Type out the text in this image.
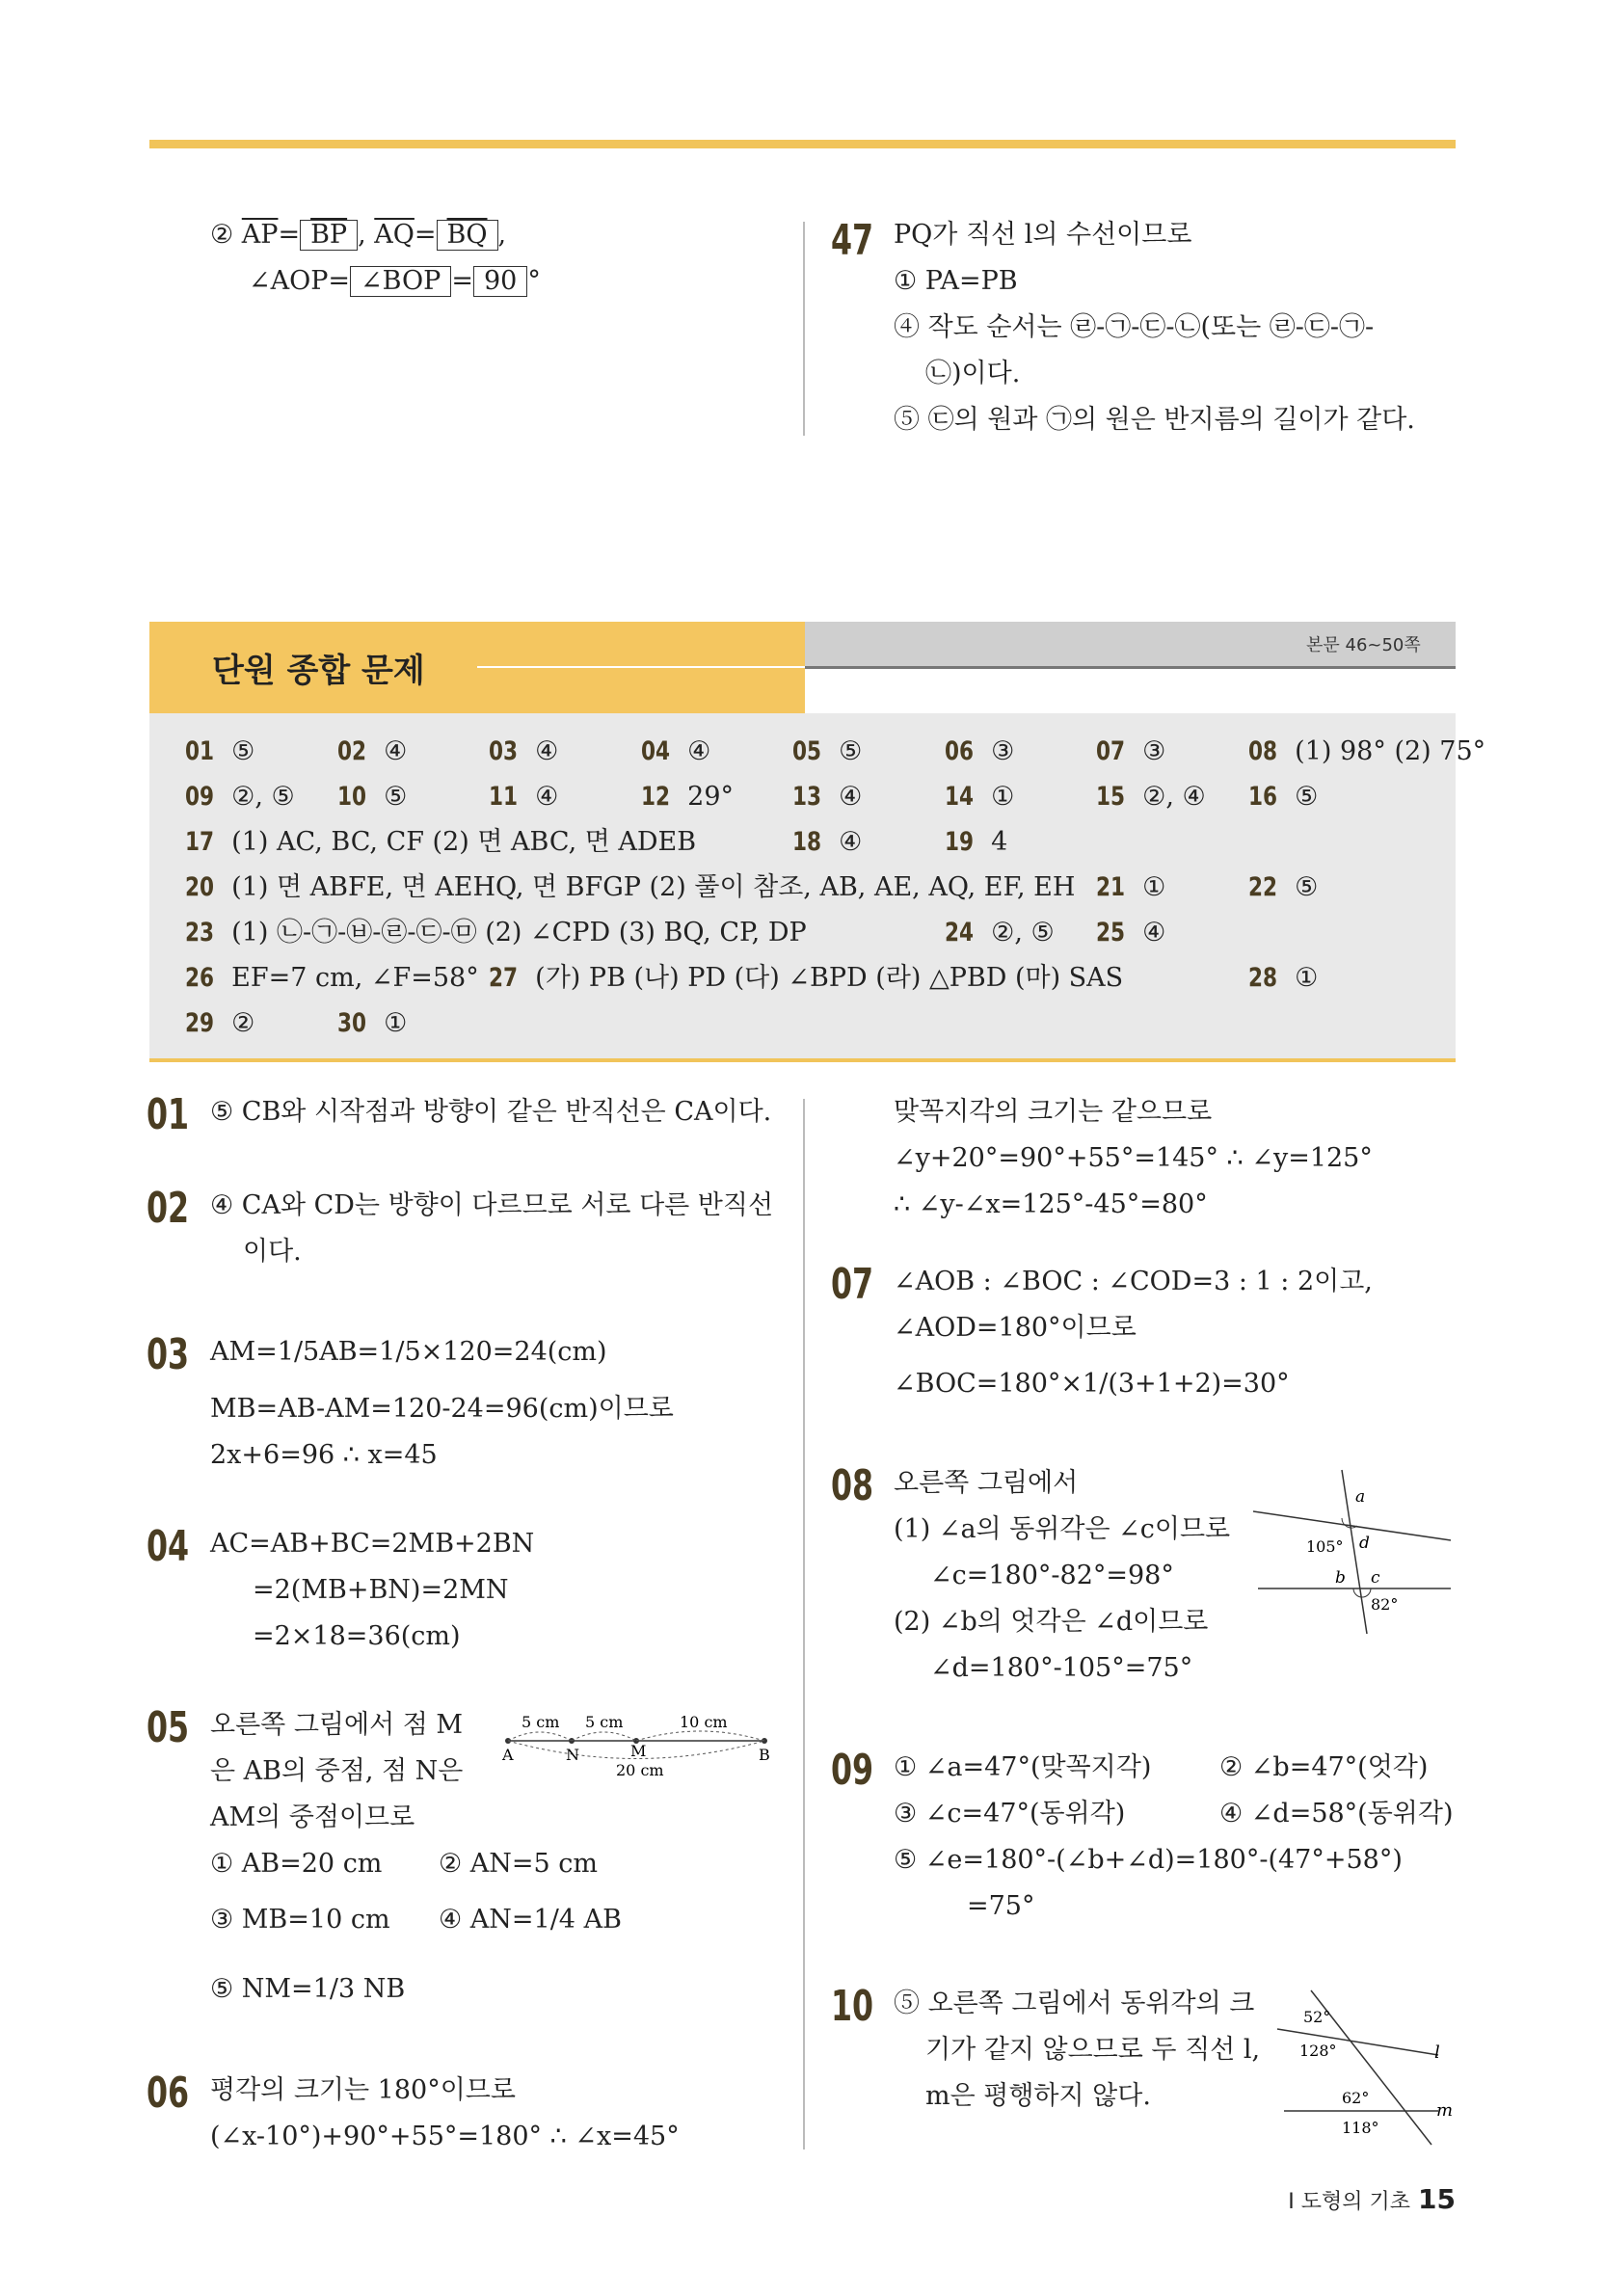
② $\overline{AP}= \overline{BP}$ , $\overline{AQ}= \overline{BQ}$ ,
∠AOP= ∠BOP = 90 °
47 PQ가 직선 l의 수선이므로
① PA=PB
④ 작도 순서는 ㉣-㉠-㉢-㉡(또는 ㉣-㉢-㉠-
㉡)이다.
⑤ ㉢의 원과 ㉠의 원은 반지름의 길이가 같다.
단원 종합 문제
본문 46~50쪽
01 ⑤	02 ④	03 ④	04 ④	05 ⑤	06 ③	07 ③	08 (1) 98° (2) 75°
09 ②, ⑤ 10 ⑤	11 ④	12 29° 13 ④	14 ①	15 ②, ④ 16 ⑤
17 (1) AC, BC, CF (2) 면 ABC, 면 ADEB	18 ④	19 4
20 (1) 면 ABFE, 면 AEHQ, 면 BFGP (2) 풀이 참조, AB, AE, AQ, EF, EH 21 ①	22 ⑤
23 (1) ㉡-㉠-㉥-㉣-㉢-㉤ (2) ∠CPD (3) BQ, CP, DP	24 ②, ⑤ 25 ④
26 EF=7 cm, ∠F=58° 27 (가) PB (나) PD (다) ∠BPD (라) △PBD (마) SAS	28 ①
29 ②	30 ①
01 ⑤ CB와 시작점과 방향이 같은 반직선은 CA이다.
02 ④ CA와 CD는 방향이 다르므로 서로 다른 반직선
이다.
03 AM=1/5AB=1/5×120=24(cm)
MB=AB-AM=120-24=96(cm)이므로
2x+6=96 ∴ x=45
04 AC=AB+BC=2MB+2BN
=2(MB+BN)=2MN
=2×18=36(cm)
05 오른쪽 그림에서 점 M
은 AB의 중점, 점 N은
AM의 중점이므로
① AB=20 cm ② AN=5 cm
③ MB=10 cm ④ AN=1/4 AB
⑤ NM=1/3 NB
5 cm 5 cm	10 cm
A	N	M	B
20 cm
06 평각의 크기는 180°이므로
(∠x-10°)+90°+55°=180° ∴ ∠x=45°
맞꼭지각의 크기는 같으므로
∠y+20°=90°+55°=145° ∴ ∠y=125°
∴ ∠y-∠x=125°-45°=80°
07 ∠AOB : ∠BOC : ∠COD=3 : 1 : 2이고,
∠AOD=180°이므로
∠BOC=180°×1/(3+1+2)=30°
08 오른쪽 그림에서
(1) ∠a의 동위각은 ∠c이므로
∠c=180°-82°=98°
(2) ∠b의 엇각은 ∠d이므로
∠d=180°-105°=75°
a
105° d
b c
82°
09 ① ∠a=47°(맞꼭지각)	② ∠b=47°(엇각)
③ ∠c=47°(동위각)	④ ∠d=58°(동위각)
⑤ ∠e=180°-(∠b+∠d)=180°-(47°+58°)
=75°
10 ⑤ 오른쪽 그림에서 동위각의 크
기가 같지 않으므로 두 직선 l,
m은 평행하지 않다.
52°
128°	l
62°
118°
m
Ⅰ 도형의 기초 15
